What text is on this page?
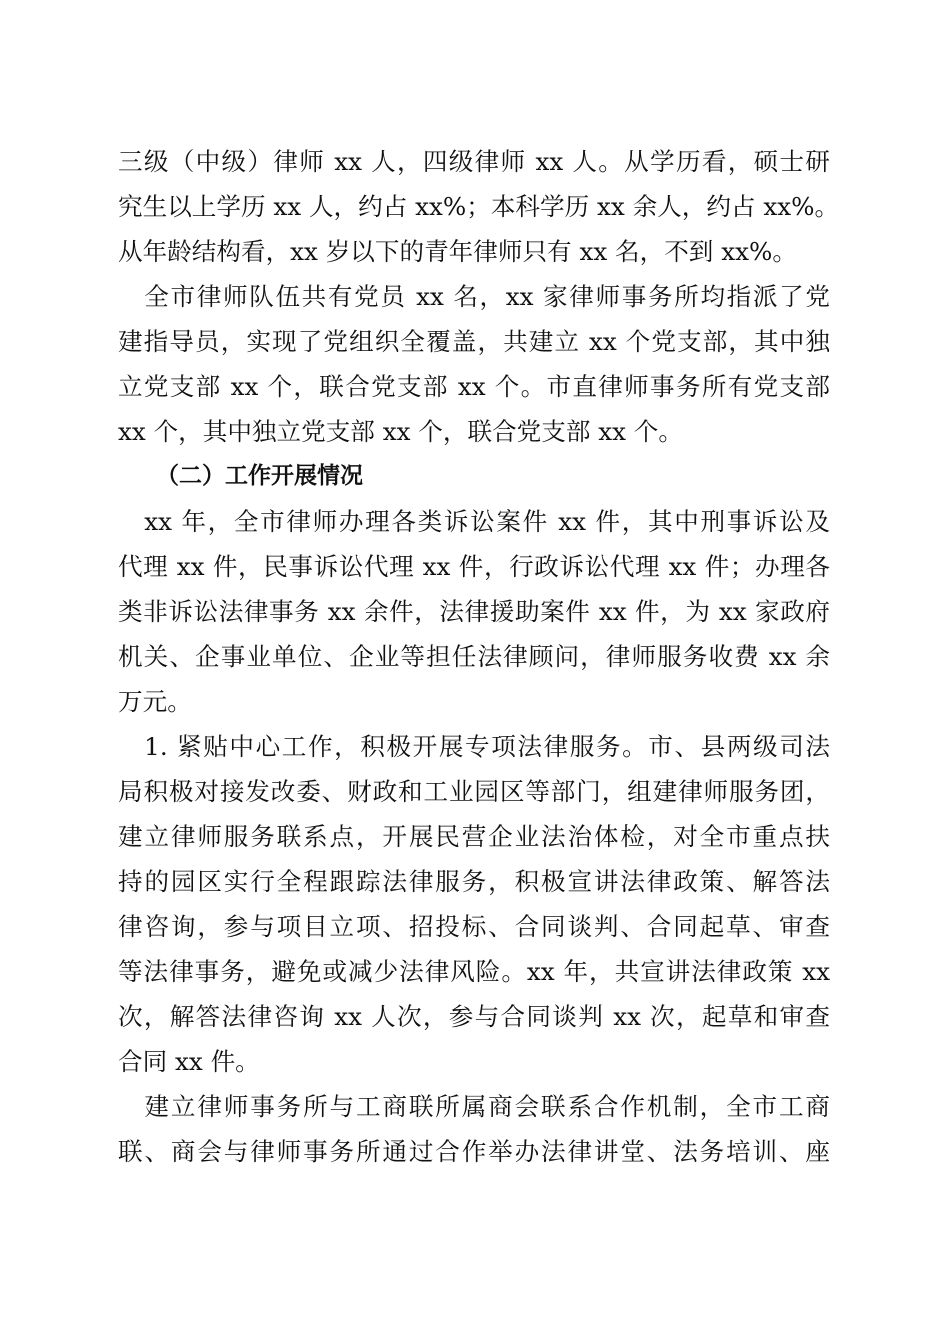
三级（中级）律师 xx 人，四级律师 xx 人。从学历看，硕士研
究生以上学历 xx 人，约占 xx%；本科学历 xx 余人，约占 xx%。
从年龄结构看，xx 岁以下的青年律师只有 xx 名，不到 xx%。
　全市律师队伍共有党员 xx 名，xx 家律师事务所均指派了党
建指导员，实现了党组织全覆盖，共建立 xx 个党支部，其中独
立党支部 xx 个，联合党支部 xx 个。市直律师事务所有党支部
xx 个，其中独立党支部 xx 个，联合党支部 xx 个。
（二）工作开展情况
　xx 年，全市律师办理各类诉讼案件 xx 件，其中刑事诉讼及
代理 xx 件，民事诉讼代理 xx 件，行政诉讼代理 xx 件；办理各
类非诉讼法律事务 xx 余件，法律援助案件 xx 件，为 xx 家政府
机关、企事业单位、企业等担任法律顾问，律师服务收费 xx 余
万元。
　1. 紧贴中心工作，积极开展专项法律服务。市、县两级司法
局积极对接发改委、财政和工业园区等部门，组建律师服务团，
建立律师服务联系点，开展民营企业法治体检，对全市重点扶
持的园区实行全程跟踪法律服务，积极宣讲法律政策、解答法
律咨询，参与项目立项、招投标、合同谈判、合同起草、审查
等法律事务，避免或减少法律风险。xx 年，共宣讲法律政策 xx
次，解答法律咨询 xx 人次，参与合同谈判 xx 次，起草和审查
合同 xx 件。
　建立律师事务所与工商联所属商会联系合作机制，全市工商
联、商会与律师事务所通过合作举办法律讲堂、法务培训、座
